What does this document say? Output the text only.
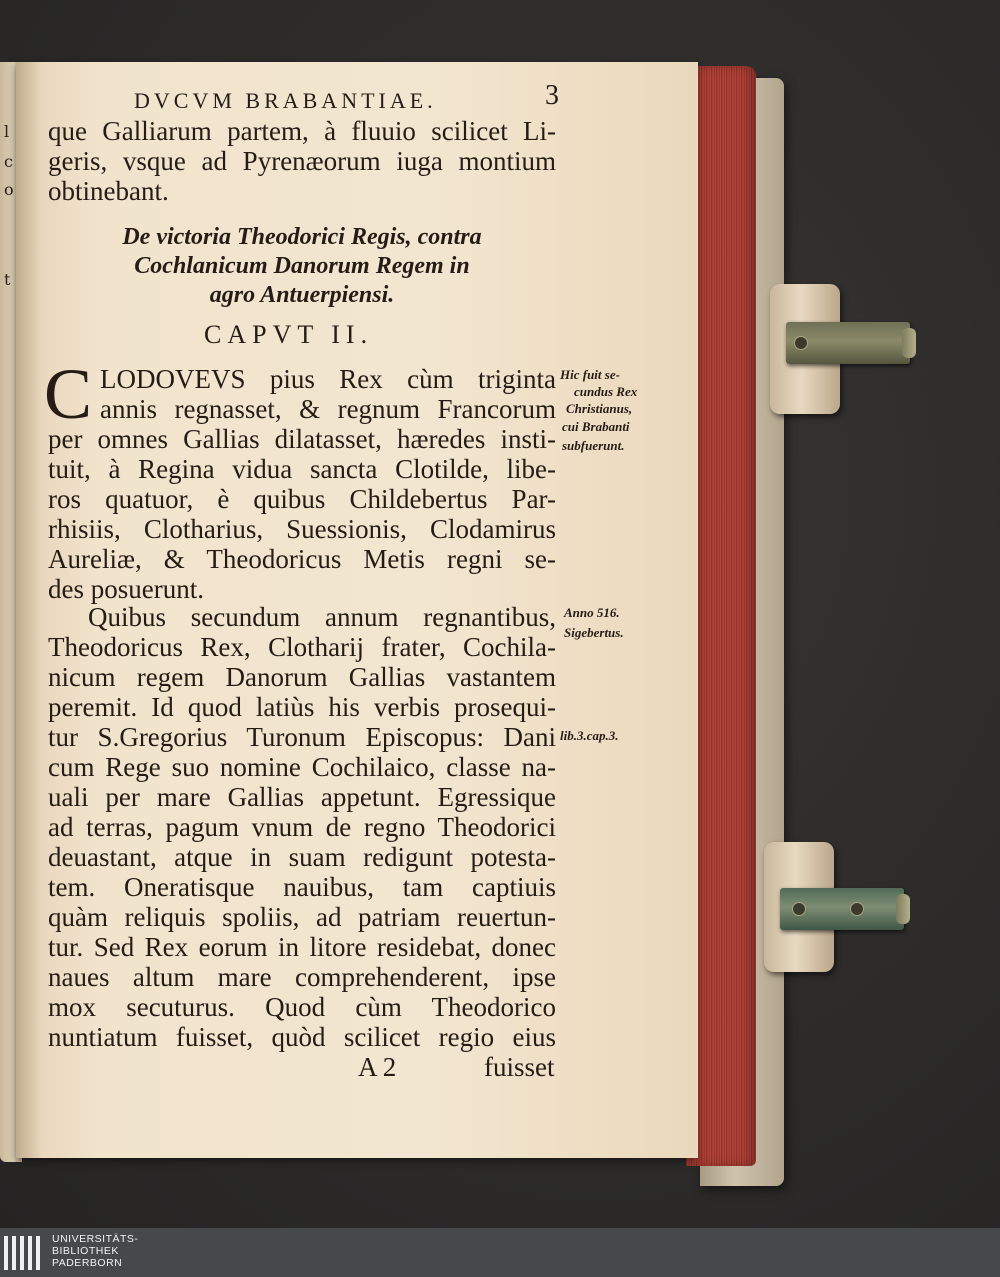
l
c
o
t
DVCVM BRABANTIAE.	3
que Galliarum partem, à fluuio scilicet Li-
geris, vsque ad Pyrenæorum iuga montium
obtinebant.
De victoria Theodorici Regis, contra
Cochlanicum Danorum Regem in
agro Antuerpiensi.
CAPVT II.
C LODOVEVS pius Rex cùm triginta
annis regnasset, & regnum Francorum
per omnes Gallias dilatasset, hæredes insti-
tuit, à Regina vidua sancta Clotilde, libe-
ros quatuor, è quibus Childebertus Par-
rhisiis, Clotharius, Suessionis, Clodamirus
Aureliæ, & Theodoricus Metis regni se-
des posuerunt.
Quibus secundum annum regnantibus,
Theodoricus Rex, Clotharij frater, Cochila-
nicum regem Danorum Gallias vastantem
peremit. Id quod latiùs his verbis prosequi-
tur S.Gregorius Turonum Episcopus: Dani
cum Rege suo nomine Cochilaico, classe na-
uali per mare Gallias appetunt. Egressique
ad terras, pagum vnum de regno Theodorici
deuastant, atque in suam redigunt potesta-
tem. Oneratisque nauibus, tam captiuis
quàm reliquis spoliis, ad patriam reuertun-
tur. Sed Rex eorum in litore residebat, donec
naues altum mare comprehenderent, ipse
mox secuturus. Quod cùm Theodorico
nuntiatum fuisset, quòd scilicet regio eius
A 2	fuisset
Hic fuit se-
cundus Rex
Christianus,
cui Brabanti
subfuerunt.
Anno 516.
Sigebertus.
lib.3.cap.3.
UNIVERSITÄTS-
BIBLIOTHEK
PADERBORN
